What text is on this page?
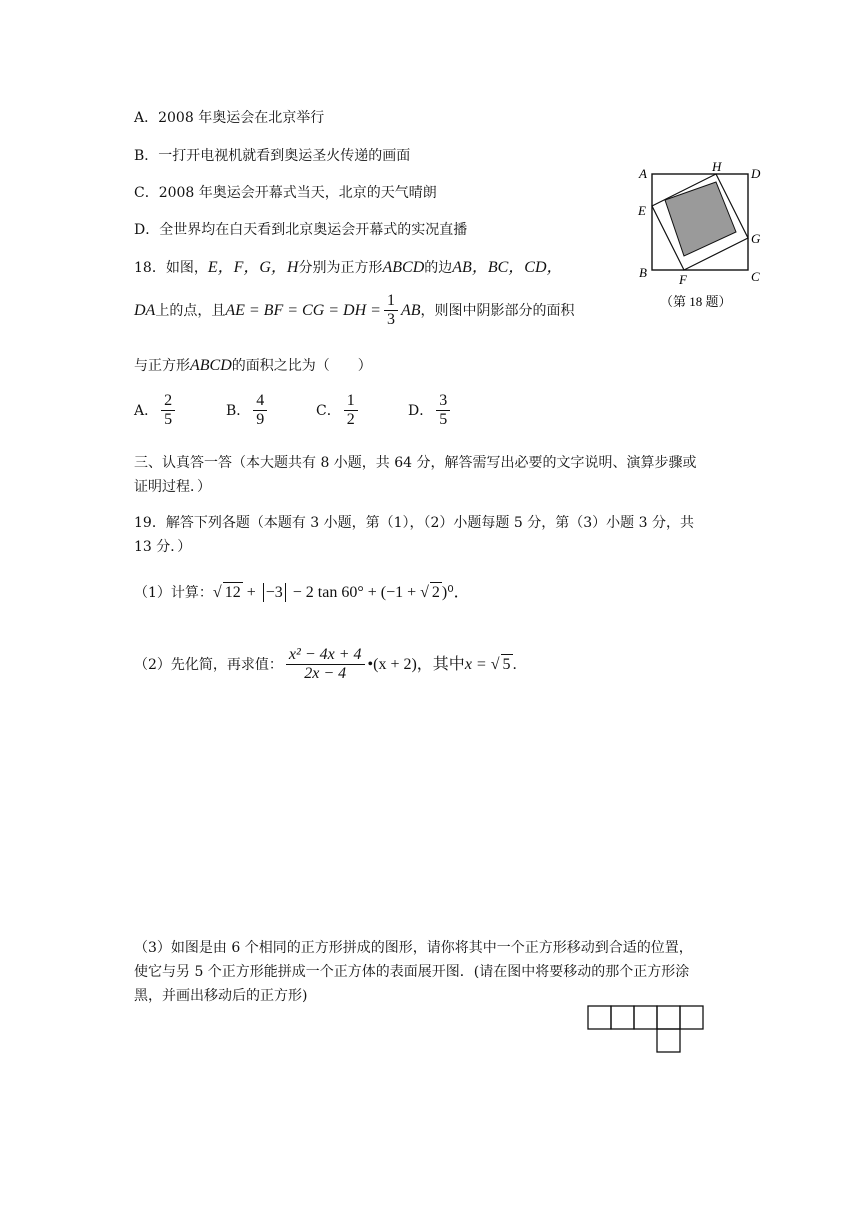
A．2008 年奥运会在北京举行
B．一打开电视机就看到奥运圣火传递的画面
C．2008 年奥运会开幕式当天，北京的天气晴朗
D．全世界均在白天看到北京奥运会开幕式的实况直播
A	H D
E
G
B F	C
（第 18 题）
18．如图，E，F，G，H分别为正方形ABCD的边AB，BC，CD，
DA上的点，且AE = BF = CG = DH = $\frac{1}{3}$ AB，则图中阴影部分的面积
与正方形ABCD的面积之比为（　　）
A． $\frac{2}{5}$	B． $\frac{4}{9}$	C． $\frac{1}{2}$	D． $\frac{3}{5}$
三、认真答一答（本大题共有 8 小题，共 64 分，解答需写出必要的文字说明、演算步骤或
证明过程．）
19．解答下列各题（本题有 3 小题，第（1），（2）小题每题 5 分，第（3）小题 3 分，共
13 分．）
（1）计算：√ 12 + −3 − 2 tan 60° + (−1 + √ 2 )⁰．
（2）先化简，再求值： $\frac{\text{x² − 4x + 4}}{2x - 4}$ •(x + 2)，其中x = √ 5 ．
（3）如图是由 6 个相同的正方形拼成的图形，请你将其中一个正方形移动到合适的位置，
使它与另 5 个正方形能拼成一个正方体的表面展开图．(请在图中将要移动的那个正方形涂
黑，并画出移动后的正方形)
